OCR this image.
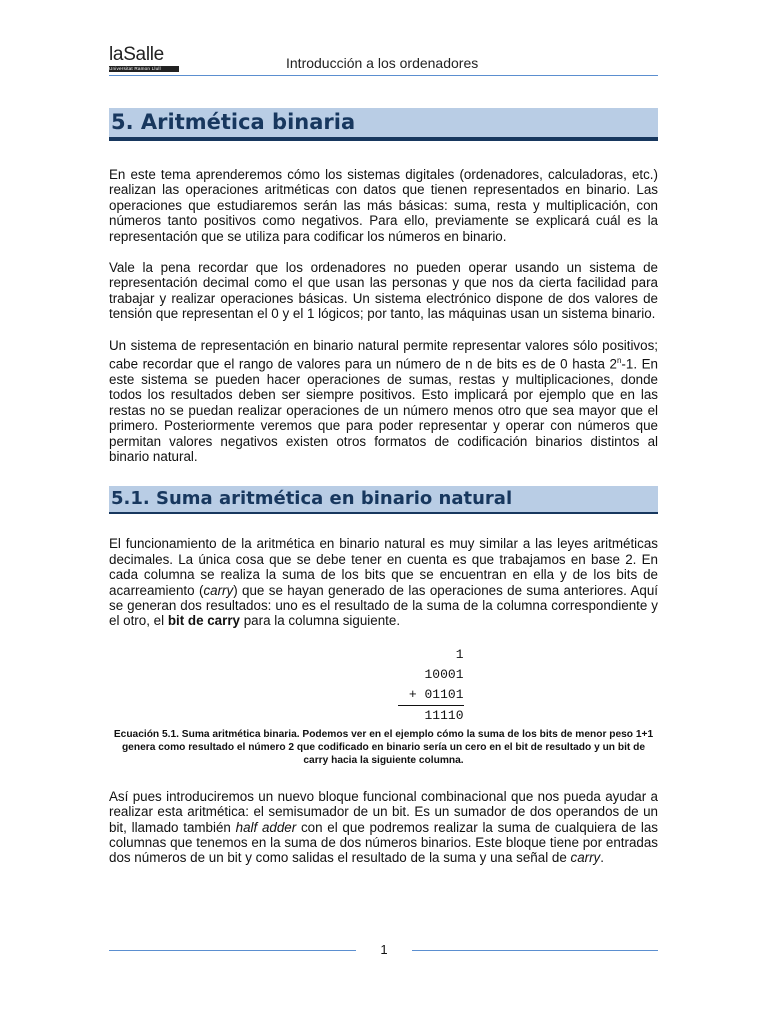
laSalle
Universitat Ramon Llull	Introducción a los ordenadores
5. Aritmética binaria

En este tema aprenderemos cómo los sistemas digitales (ordenadores, calculadoras, etc.) realizan las operaciones aritméticas con datos que tienen representados en binario. Las operaciones que estudiaremos serán las más básicas: suma, resta y multiplicación, con números tanto positivos como negativos. Para ello, previamente se explicará cuál es la representación que se utiliza para codificar los números en binario.

Vale la pena recordar que los ordenadores no pueden operar usando un sistema de representación decimal como el que usan las personas y que nos da cierta facilidad para trabajar y realizar operaciones básicas. Un sistema electrónico dispone de dos valores de tensión que representan el 0 y el 1 lógicos; por tanto, las máquinas usan un sistema binario.

Un sistema de representación en binario natural permite representar valores sólo positivos; cabe recordar que el rango de valores para un número de n de bits es de 0 hasta 2$^n$-1. En este sistema se pueden hacer operaciones de sumas, restas y multiplicaciones, donde todos los resultados deben ser siempre positivos. Esto implicará por ejemplo que en las restas no se puedan realizar operaciones de un número menos otro que sea mayor que el primero. Posteriormente veremos que para poder representar y operar con números que permitan valores negativos existen otros formatos de codificación binarios distintos al binario natural.

5.1. Suma aritmética en binario natural

El funcionamiento de la aritmética en binario natural es muy similar a las leyes aritméticas decimales. La única cosa que se debe tener en cuenta es que trabajamos en base 2. En cada columna se realiza la suma de los bits que se encuentran en ella y de los bits de acarreamiento (carry) que se hayan generado de las operaciones de suma anteriores. Aquí se generan dos resultados: uno es el resultado de la suma de la columna correspondiente y el otro, el bit de carry para la columna siguiente.

1
10001
+ 01101
11110
Ecuación 5.1. Suma aritmética binaria. Podemos ver en el ejemplo cómo la suma de los bits de menor peso 1+1 genera como resultado el número 2 que codificado en binario sería un cero en el bit de resultado y un bit de carry hacia la siguiente columna.

Así pues introduciremos un nuevo bloque funcional combinacional que nos pueda ayudar a realizar esta aritmética: el semisumador de un bit. Es un sumador de dos operandos de un bit, llamado también half adder con el que podremos realizar la suma de cualquiera de las columnas que tenemos en la suma de dos números binarios. Este bloque tiene por entradas dos números de un bit y como salidas el resultado de la suma y una señal de carry.

1
